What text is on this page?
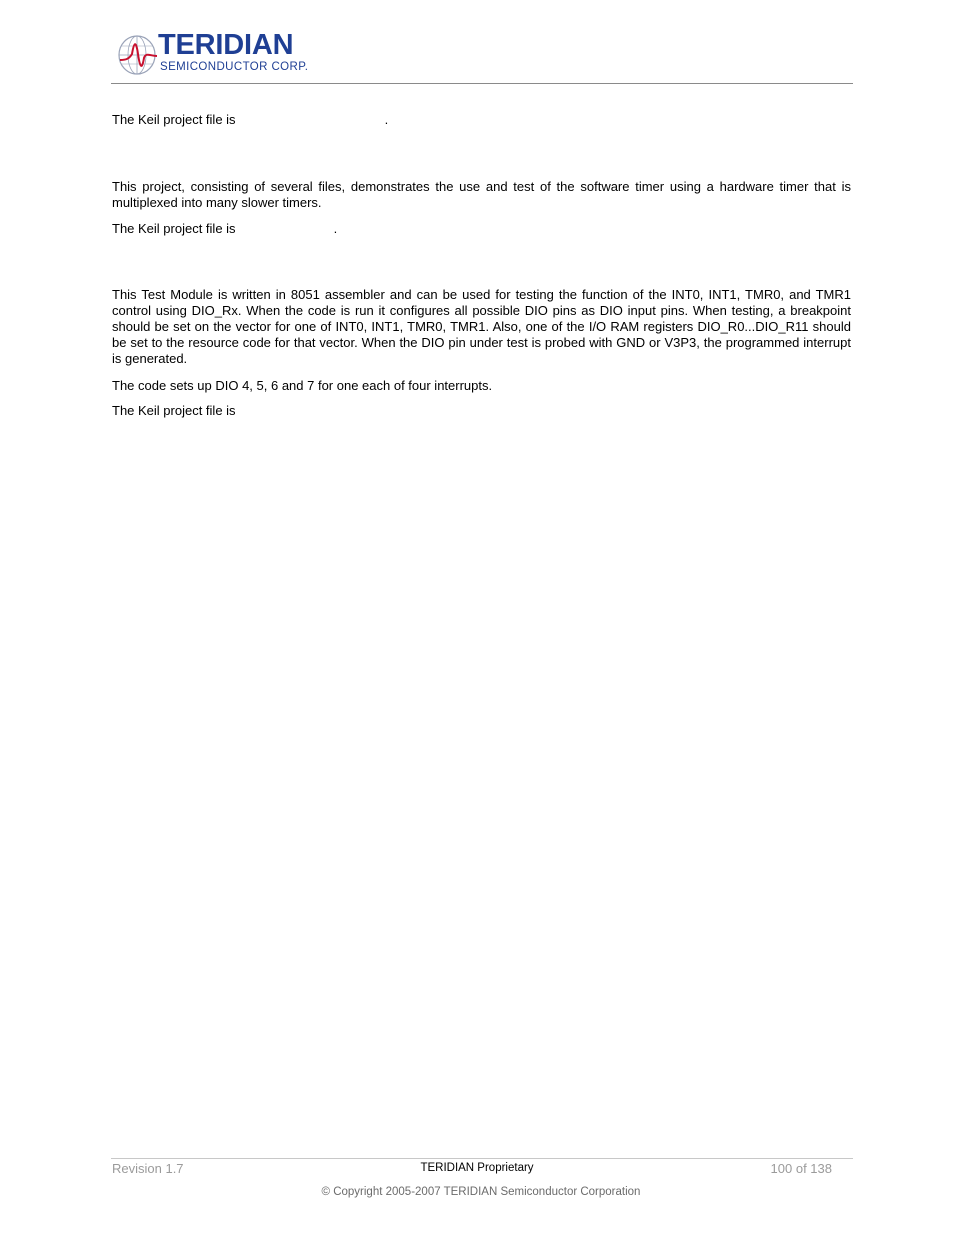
TERIDIAN
SEMICONDUCTOR CORP.

The Keil project file is	.

This project, consisting of several files, demonstrates the use and test of the software timer using a hardware timer that is multiplexed into many slower timers.

The Keil project file is	.

This Test Module is written in 8051 assembler and can be used for testing the function of the INT0, INT1, TMR0, and TMR1 control using DIO_Rx. When the code is run it configures all possible DIO pins as DIO input pins. When testing, a breakpoint should be set on the vector for one of INT0, INT1, TMR0, TMR1. Also, one of the I/O RAM registers DIO_R0...DIO_R11 should be set to the resource code for that vector. When the DIO pin under test is probed with GND or V3P3, the programmed interrupt is generated.

The code sets up DIO 4, 5, 6 and 7 for one each of four interrupts.

The Keil project file is

Revision 1.7	TERIDIAN Proprietary	100 of 138
© Copyright 2005-2007 TERIDIAN Semiconductor Corporation
